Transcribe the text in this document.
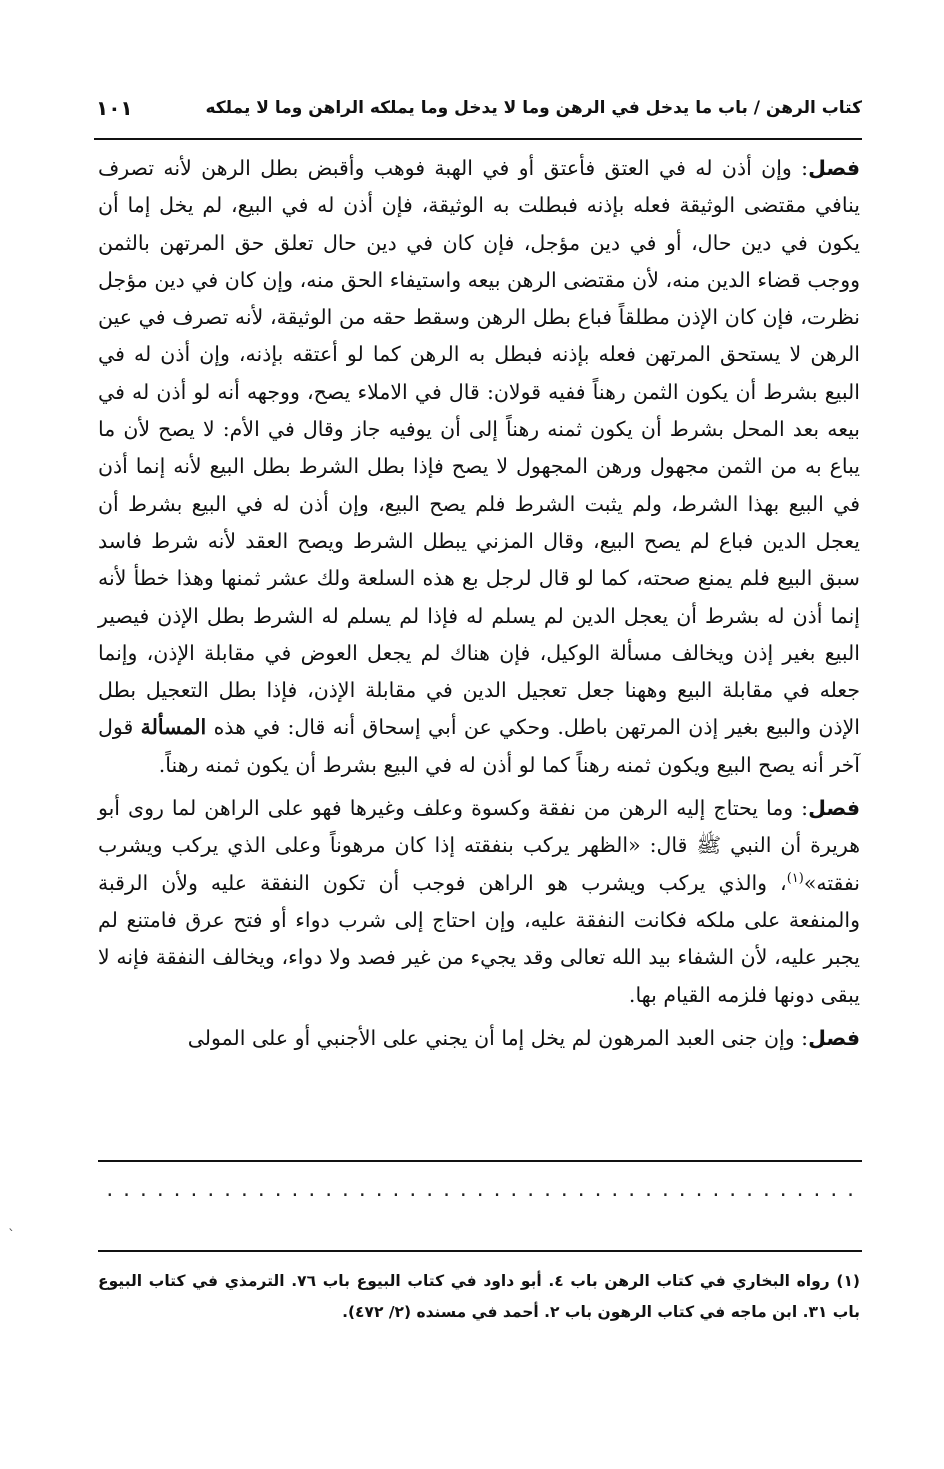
كتاب الرهن / باب ما يدخل في الرهن وما لا يدخل وما يملكه الراهن وما لا يملكه
١٠١

فصل: وإن أذن له في العتق فأعتق أو في الهبة فوهب وأقبض بطل الرهن لأنه تصرف ينافي مقتضى الوثيقة فعله بإذنه فبطلت به الوثيقة، فإن أذن له في البيع، لم يخل إما أن يكون في دين حال، أو في دين مؤجل، فإن كان في دين حال تعلق حق المرتهن بالثمن ووجب قضاء الدين منه، لأن مقتضى الرهن بيعه واستيفاء الحق منه، وإن كان في دين مؤجل نظرت، فإن كان الإذن مطلقاً فباع بطل الرهن وسقط حقه من الوثيقة، لأنه تصرف في عين الرهن لا يستحق المرتهن فعله بإذنه فبطل به الرهن كما لو أعتقه بإذنه، وإن أذن له في البيع بشرط أن يكون الثمن رهناً ففيه قولان: قال في الاملاء يصح، ووجهه أنه لو أذن له في بيعه بعد المحل بشرط أن يكون ثمنه رهناً إلى أن يوفيه جاز وقال في الأم: لا يصح لأن ما يباع به من الثمن مجهول ورهن المجهول لا يصح فإذا بطل الشرط بطل البيع لأنه إنما أذن في البيع بهذا الشرط، ولم يثبت الشرط فلم يصح البيع، وإن أذن له في البيع بشرط أن يعجل الدين فباع لم يصح البيع، وقال المزني يبطل الشرط ويصح العقد لأنه شرط فاسد سبق البيع فلم يمنع صحته، كما لو قال لرجل بع هذه السلعة ولك عشر ثمنها وهذا خطأ لأنه إنما أذن له بشرط أن يعجل الدين لم يسلم له فإذا لم يسلم له الشرط بطل الإذن فيصير البيع بغير إذن ويخالف مسألة الوكيل، فإن هناك لم يجعل العوض في مقابلة الإذن، وإنما جعله في مقابلة البيع وههنا جعل تعجيل الدين في مقابلة الإذن، فإذا بطل التعجيل بطل الإذن والبيع بغير إذن المرتهن باطل. وحكي عن أبي إسحاق أنه قال: في هذه المسألة قول آخر أنه يصح البيع ويكون ثمنه رهناً كما لو أذن له في البيع بشرط أن يكون ثمنه رهناً.

فصل: وما يحتاج إليه الرهن من نفقة وكسوة وعلف وغيرها فهو على الراهن لما روى أبو هريرة أن النبي ﷺ قال: «الظهر يركب بنفقته إذا كان مرهوناً وعلى الذي يركب ويشرب نفقته»$^{(١)}$، والذي يركب ويشرب هو الراهن فوجب أن تكون النفقة عليه ولأن الرقبة والمنفعة على ملكه فكانت النفقة عليه، وإن احتاج إلى شرب دواء أو فتح عرق فامتنع لم يجبر عليه، لأن الشفاء بيد الله تعالى وقد يجيء من غير فصد ولا دواء، ويخالف النفقة فإنه لا يبقى دونها فلزمه القيام بها.

فصل: وإن جنى العبد المرهون لم يخل إما أن يجني على الأجنبي أو على المولى

.............................................
ˋ

(١) رواه البخاري في كتاب الرهن باب ٤. أبو داود في كتاب البيوع باب ٧٦. الترمذي في كتاب البيوع باب ٣١. ابن ماجه في كتاب الرهون باب ٢. أحمد في مسنده (٢/ ٤٧٢).
